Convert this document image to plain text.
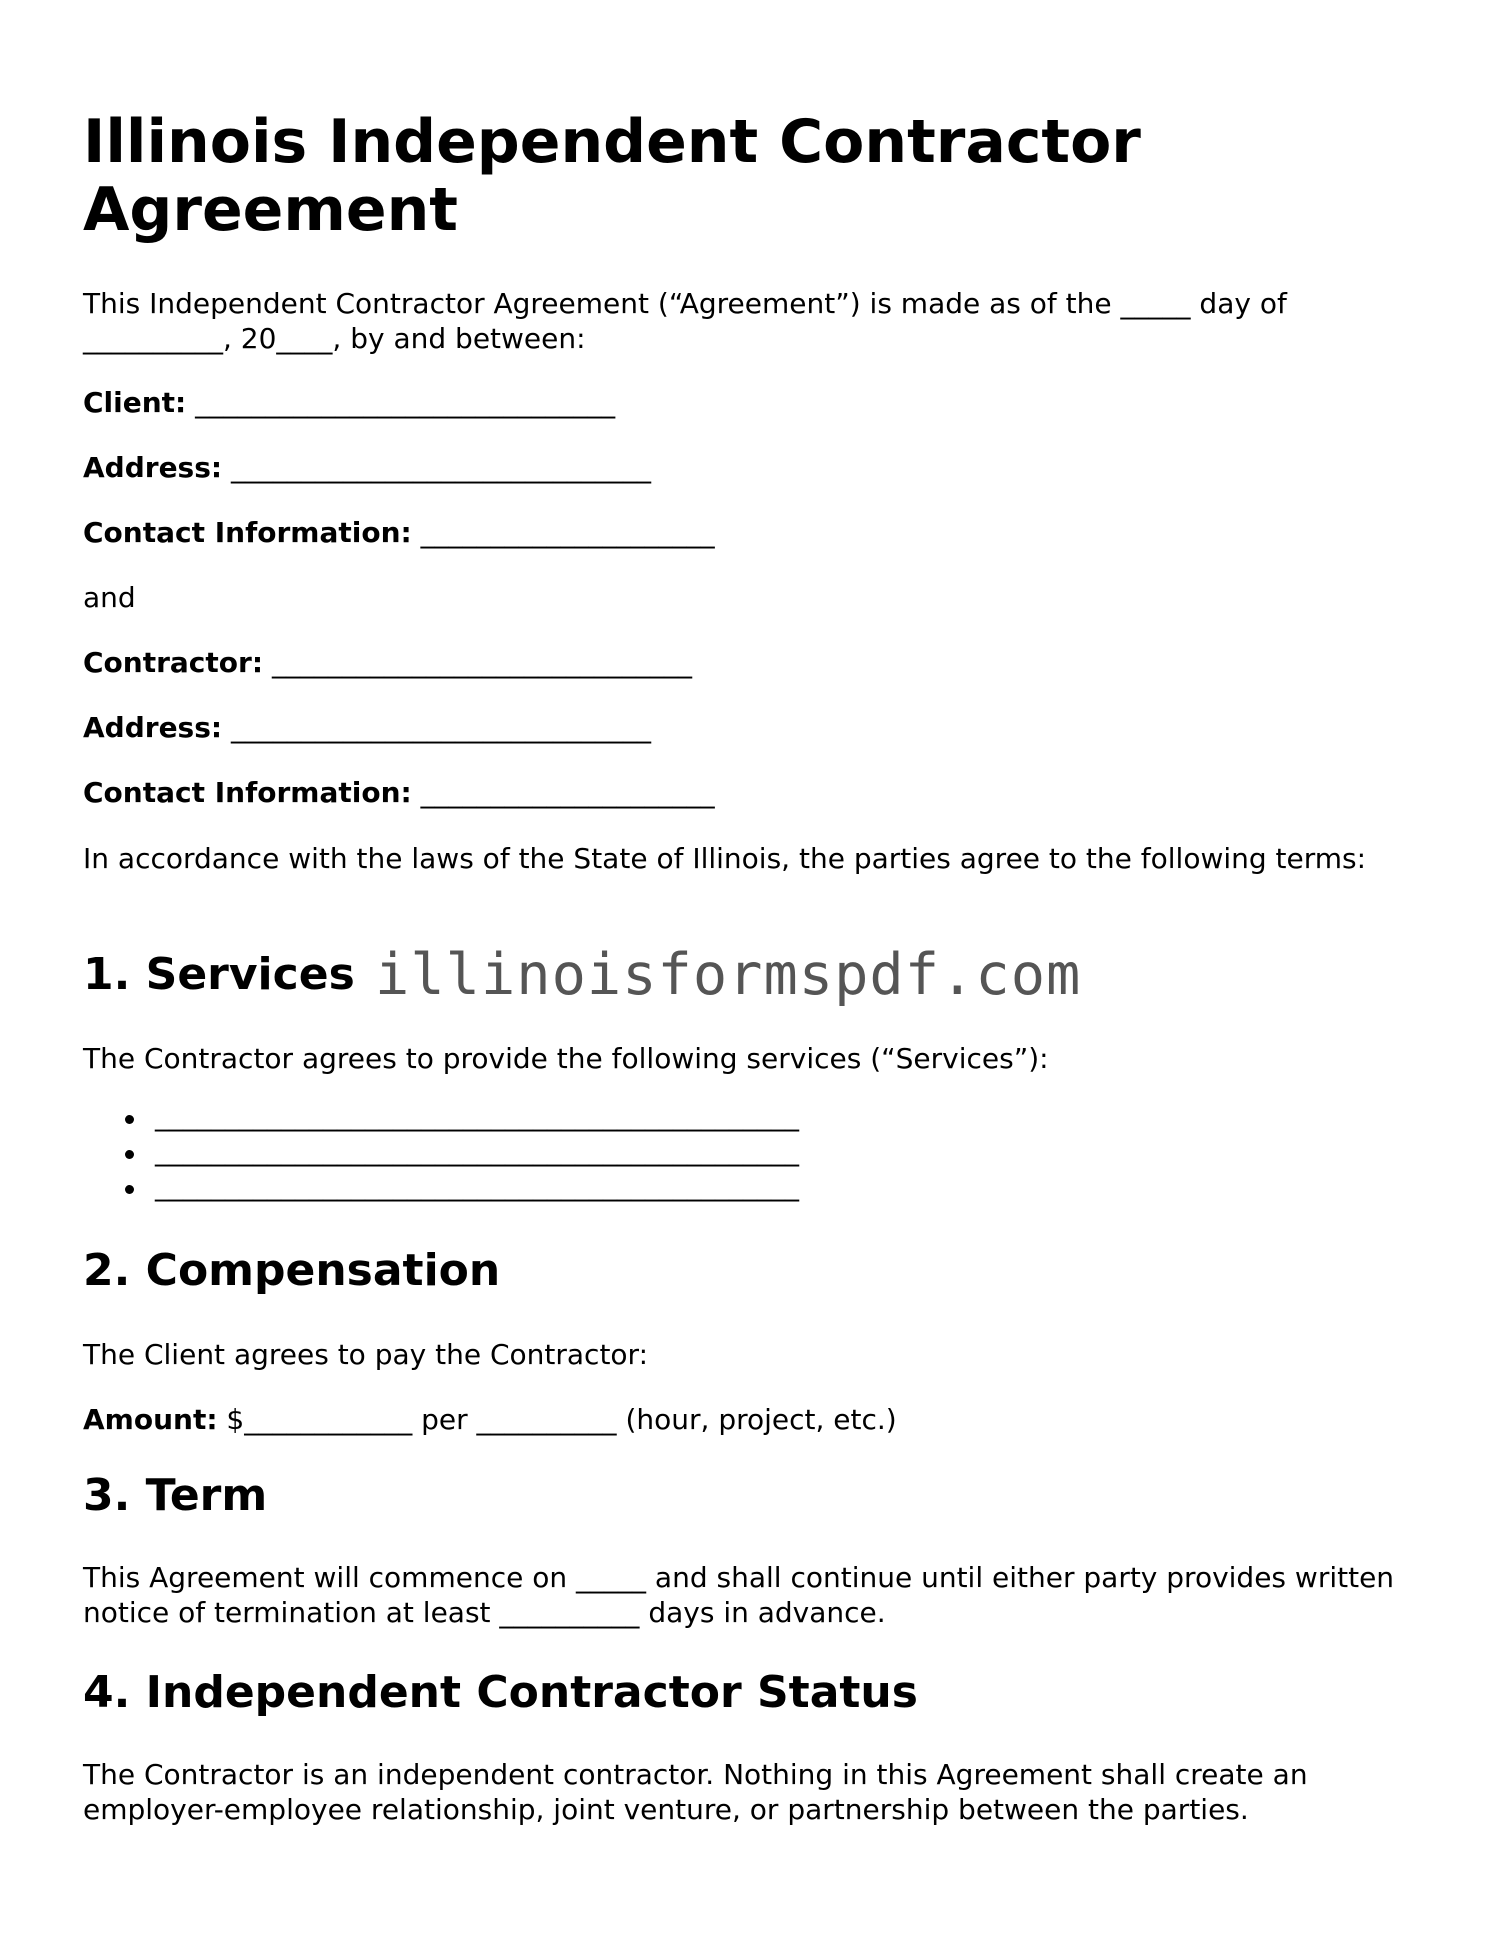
Illinois Independent Contractor Agreement

This Independent Contractor Agreement (“Agreement”) is made as of the _____ day of __________, 20____, by and between:

Client: ______________________________

Address: ______________________________

Contact Information: _____________________

and

Contractor: ______________________________

Address: ______________________________

Contact Information: _____________________

In accordance with the laws of the State of Illinois, the parties agree to the following terms:

1. Services illinoisformspdf.com

The Contractor agrees to provide the following services (“Services”):

______________________________________________
______________________________________________
______________________________________________
2. Compensation

The Client agrees to pay the Contractor:

Amount: $____________ per __________ (hour, project, etc.)

3. Term

This Agreement will commence on _____ and shall continue until either party provides written notice of termination at least __________ days in advance.

4. Independent Contractor Status

The Contractor is an independent contractor. Nothing in this Agreement shall create an employer-employee relationship, joint venture, or partnership between the parties.
